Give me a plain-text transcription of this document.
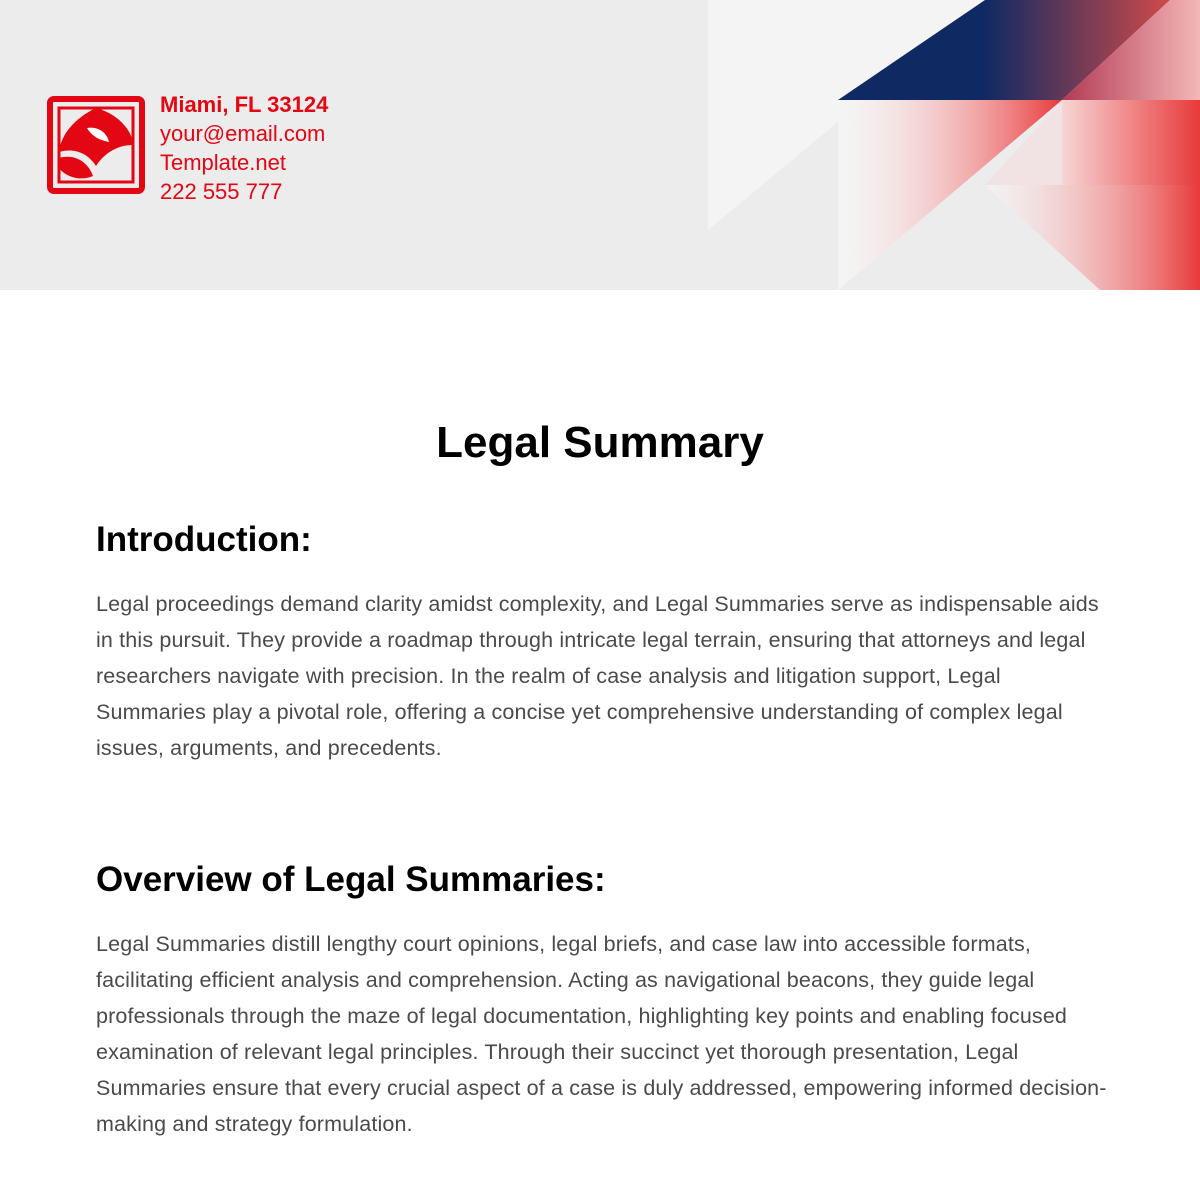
Miami, FL 33124
your@email.com
Template.net
222 555 777
Legal Summary
Introduction:

Legal proceedings demand clarity amidst complexity, and Legal Summaries serve as indispensable aids in this pursuit. They provide a roadmap through intricate legal terrain, ensuring that attorneys and legal researchers navigate with precision. In the realm of case analysis and litigation support, Legal Summaries play a pivotal role, offering a concise yet comprehensive understanding of complex legal issues, arguments, and precedents.

Overview of Legal Summaries:

Legal Summaries distill lengthy court opinions, legal briefs, and case law into accessible formats, facilitating efficient analysis and comprehension. Acting as navigational beacons, they guide legal professionals through the maze of legal documentation, highlighting key points and enabling focused examination of relevant legal principles. Through their succinct yet thorough presentation, Legal Summaries ensure that every crucial aspect of a case is duly addressed, empowering informed decision-making and strategy formulation.
